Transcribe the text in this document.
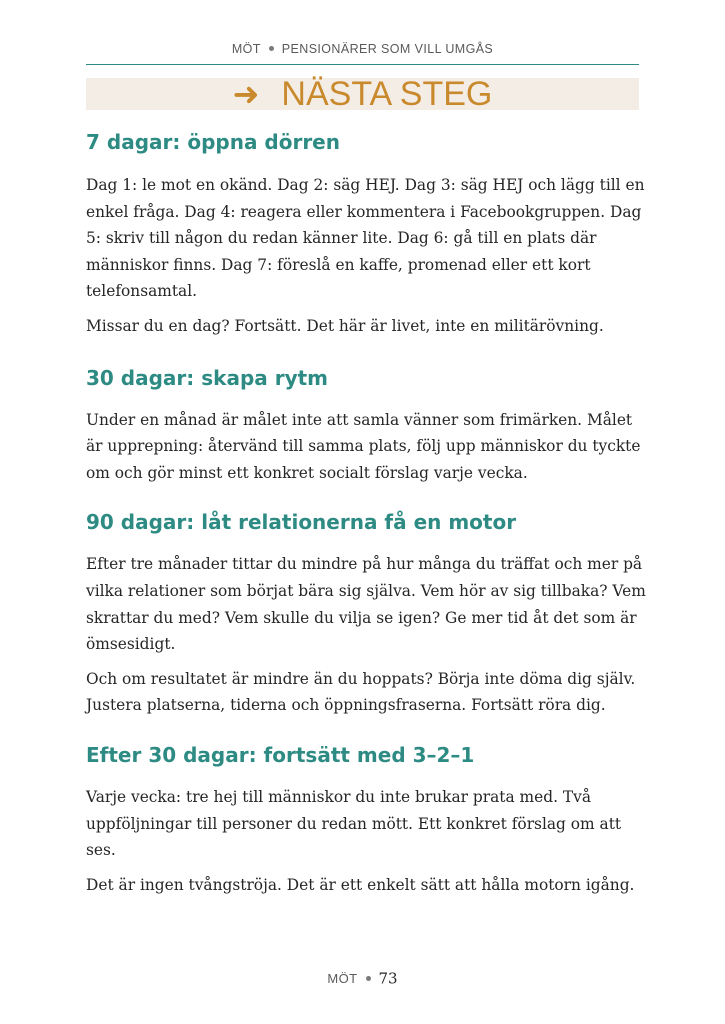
MÖT PENSIONÄRER SOM VILL UMGÅS
➜ NÄSTA STEG
7 dagar: öppna dörren

Dag 1: le mot en okänd. Dag 2: säg HEJ. Dag 3: säg HEJ och lägg till en enkel fråga. Dag 4: reagera eller kommentera i Facebookgruppen. Dag 5: skriv till någon du redan känner lite. Dag 6: gå till en plats där människor finns. Dag 7: föreslå en kaffe, promenad eller ett kort telefonsamtal.

Missar du en dag? Fortsätt. Det här är livet, inte en militärövning.

30 dagar: skapa rytm

Under en månad är målet inte att samla vänner som frimärken. Målet är upprepning: återvänd till samma plats, följ upp människor du tyckte om och gör minst ett konkret socialt förslag varje vecka.

90 dagar: låt relationerna få en motor

Efter tre månader tittar du mindre på hur många du träffat och mer på vilka relationer som börjat bära sig själva. Vem hör av sig tillbaka? Vem skrattar du med? Vem skulle du vilja se igen? Ge mer tid åt det som är ömsesidigt.

Och om resultatet är mindre än du hoppats? Börja inte döma dig själv. Justera platserna, tiderna och öppningsfraserna. Fortsätt röra dig.

Efter 30 dagar: fortsätt med 3–2–1

Varje vecka: tre hej till människor du inte brukar prata med. Två uppföljningar till personer du redan mött. Ett konkret förslag om att ses.

Det är ingen tvångströja. Det är ett enkelt sätt att hålla motorn igång.

MÖT 73
